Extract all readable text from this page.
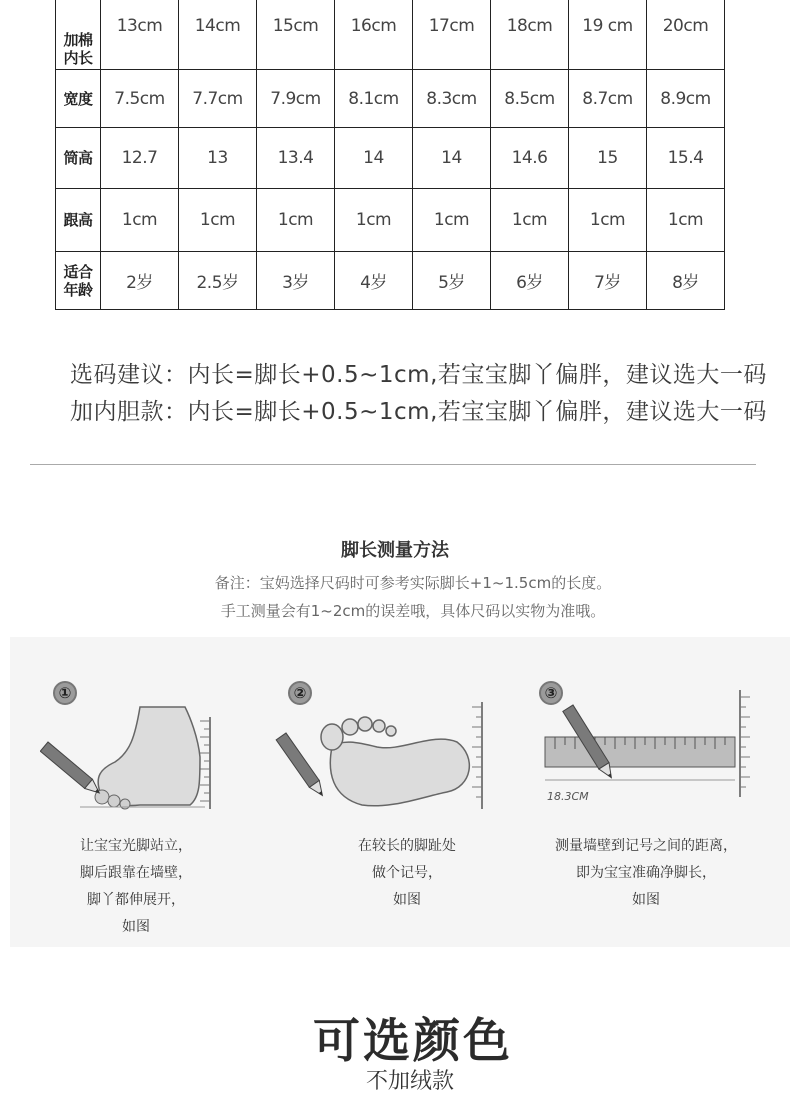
加棉
内长	13cm	14cm	15cm	16cm	17cm	18cm	19 cm	20cm
宽度	7.5cm	7.7cm	7.9cm	8.1cm	8.3cm	8.5cm	8.7cm	8.9cm
筒高	12.7	13	13.4	14	14	14.6	15	15.4
跟高	1cm	1cm	1cm	1cm	1cm	1cm	1cm	1cm

适合
年龄	2岁	2.5岁	3岁	4岁	5岁	6岁	7岁	8岁
选码建议：内长=脚长+0.5~1cm,若宝宝脚丫偏胖，建议选大一码
加内胆款：内长=脚长+0.5~1cm,若宝宝脚丫偏胖，建议选大一码
脚长测量方法
备注：宝妈选择尺码时可参考实际脚长+1~1.5cm的长度。
手工测量会有1~2cm的误差哦，具体尺码以实物为准哦。
①
让宝宝光脚站立，
脚后跟靠在墙壁，
脚丫都伸展开，
如图
②
在较长的脚趾处
做个记号，
如图
③
18.3CM
测量墙壁到记号之间的距离，
即为宝宝准确净脚长，
如图
可选颜色
不加绒款
